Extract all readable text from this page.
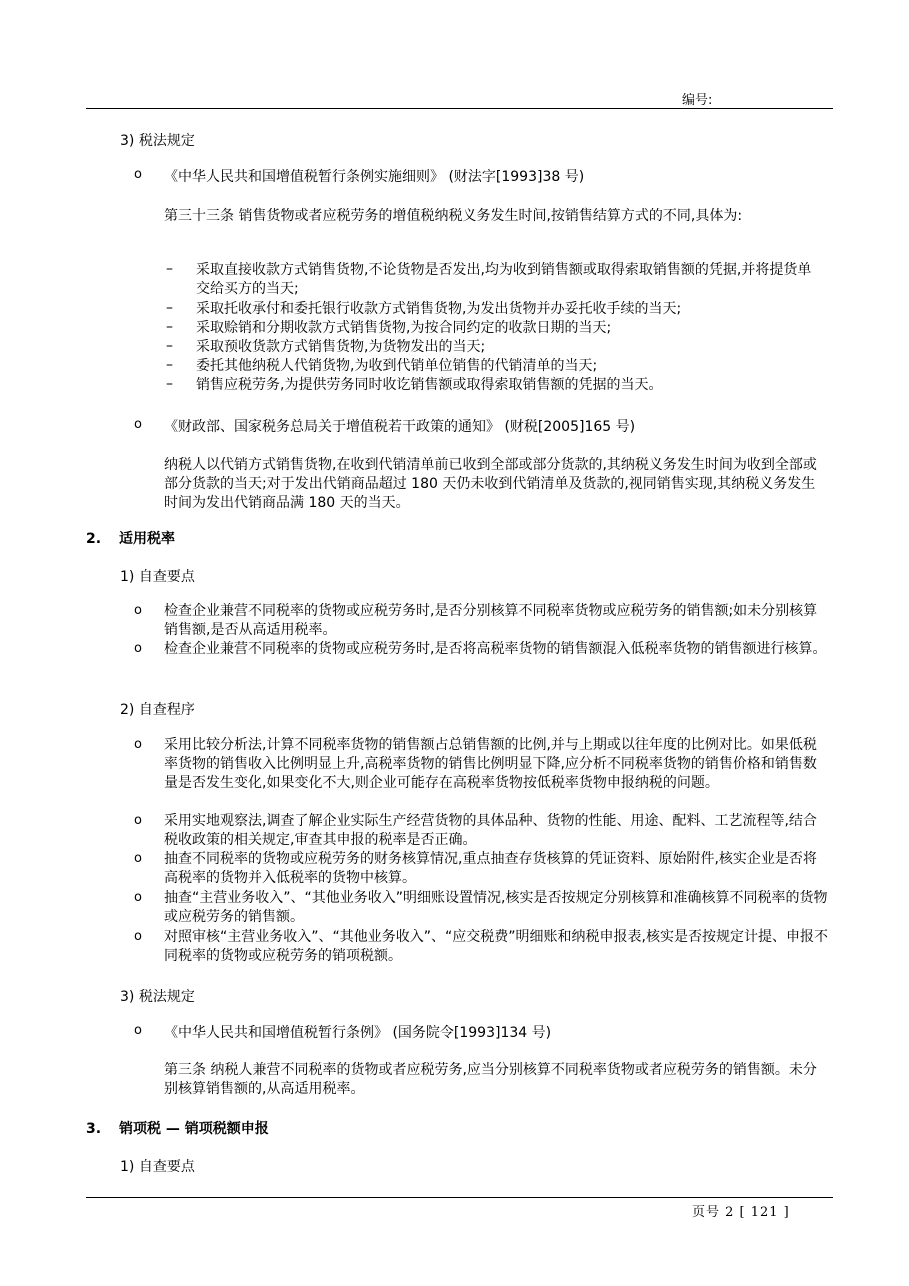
编号:
3) 税法规定
o 《中华人民共和国增值税暂行条例实施细则》 (财法字[1993]38 号)
第三十三条 销售货物或者应税劳务的增值税纳税义务发生时间,按销售结算方式的不同,具体为:
– 采取直接收款方式销售货物,不论货物是否发出,均为收到销售额或取得索取销售额的凭据,并将提货单交给买方的当天;
– 采取托收承付和委托银行收款方式销售货物,为发出货物并办妥托收手续的当天;
– 采取赊销和分期收款方式销售货物,为按合同约定的收款日期的当天;
– 采取预收货款方式销售货物,为货物发出的当天;
– 委托其他纳税人代销货物,为收到代销单位销售的代销清单的当天;
– 销售应税劳务,为提供劳务同时收讫销售额或取得索取销售额的凭据的当天。
o 《财政部、国家税务总局关于增值税若干政策的通知》 (财税[2005]165 号)
纳税人以代销方式销售货物,在收到代销清单前已收到全部或部分货款的,其纳税义务发生时间为收到全部或部分货款的当天;对于发出代销商品超过 180 天仍未收到代销清单及货款的,视同销售实现,其纳税义务发生时间为发出代销商品满 180 天的当天。
2. 适用税率
1) 自查要点
o 检查企业兼营不同税率的货物或应税劳务时,是否分别核算不同税率货物或应税劳务的销售额;如未分别核算销售额,是否从高适用税率。
o 检查企业兼营不同税率的货物或应税劳务时,是否将高税率货物的销售额混入低税率货物的销售额进行核算。
2) 自查程序
o 采用比较分析法,计算不同税率货物的销售额占总销售额的比例,并与上期或以往年度的比例对比。如果低税率货物的销售收入比例明显上升,高税率货物的销售比例明显下降,应分析不同税率货物的销售价格和销售数量是否发生变化,如果变化不大,则企业可能存在高税率货物按低税率货物申报纳税的问题。
o 采用实地观察法,调查了解企业实际生产经营货物的具体品种、货物的性能、用途、配料、工艺流程等,结合税收政策的相关规定,审查其申报的税率是否正确。
o 抽查不同税率的货物或应税劳务的财务核算情况,重点抽查存货核算的凭证资料、原始附件,核实企业是否将高税率的货物并入低税率的货物中核算。
o 抽查“主营业务收入”、“其他业务收入”明细账设置情况,核实是否按规定分别核算和准确核算不同税率的货物或应税劳务的销售额。
o 对照审核“主营业务收入”、“其他业务收入”、“应交税费”明细账和纳税申报表,核实是否按规定计提、申报不同税率的货物或应税劳务的销项税额。
3) 税法规定
o 《中华人民共和国增值税暂行条例》 (国务院令[1993]134 号)
第三条 纳税人兼营不同税率的货物或者应税劳务,应当分别核算不同税率货物或者应税劳务的销售额。未分别核算销售额的,从高适用税率。
3. 销项税 — 销项税额申报
1) 自查要点
页号 2 [ 121 ]
